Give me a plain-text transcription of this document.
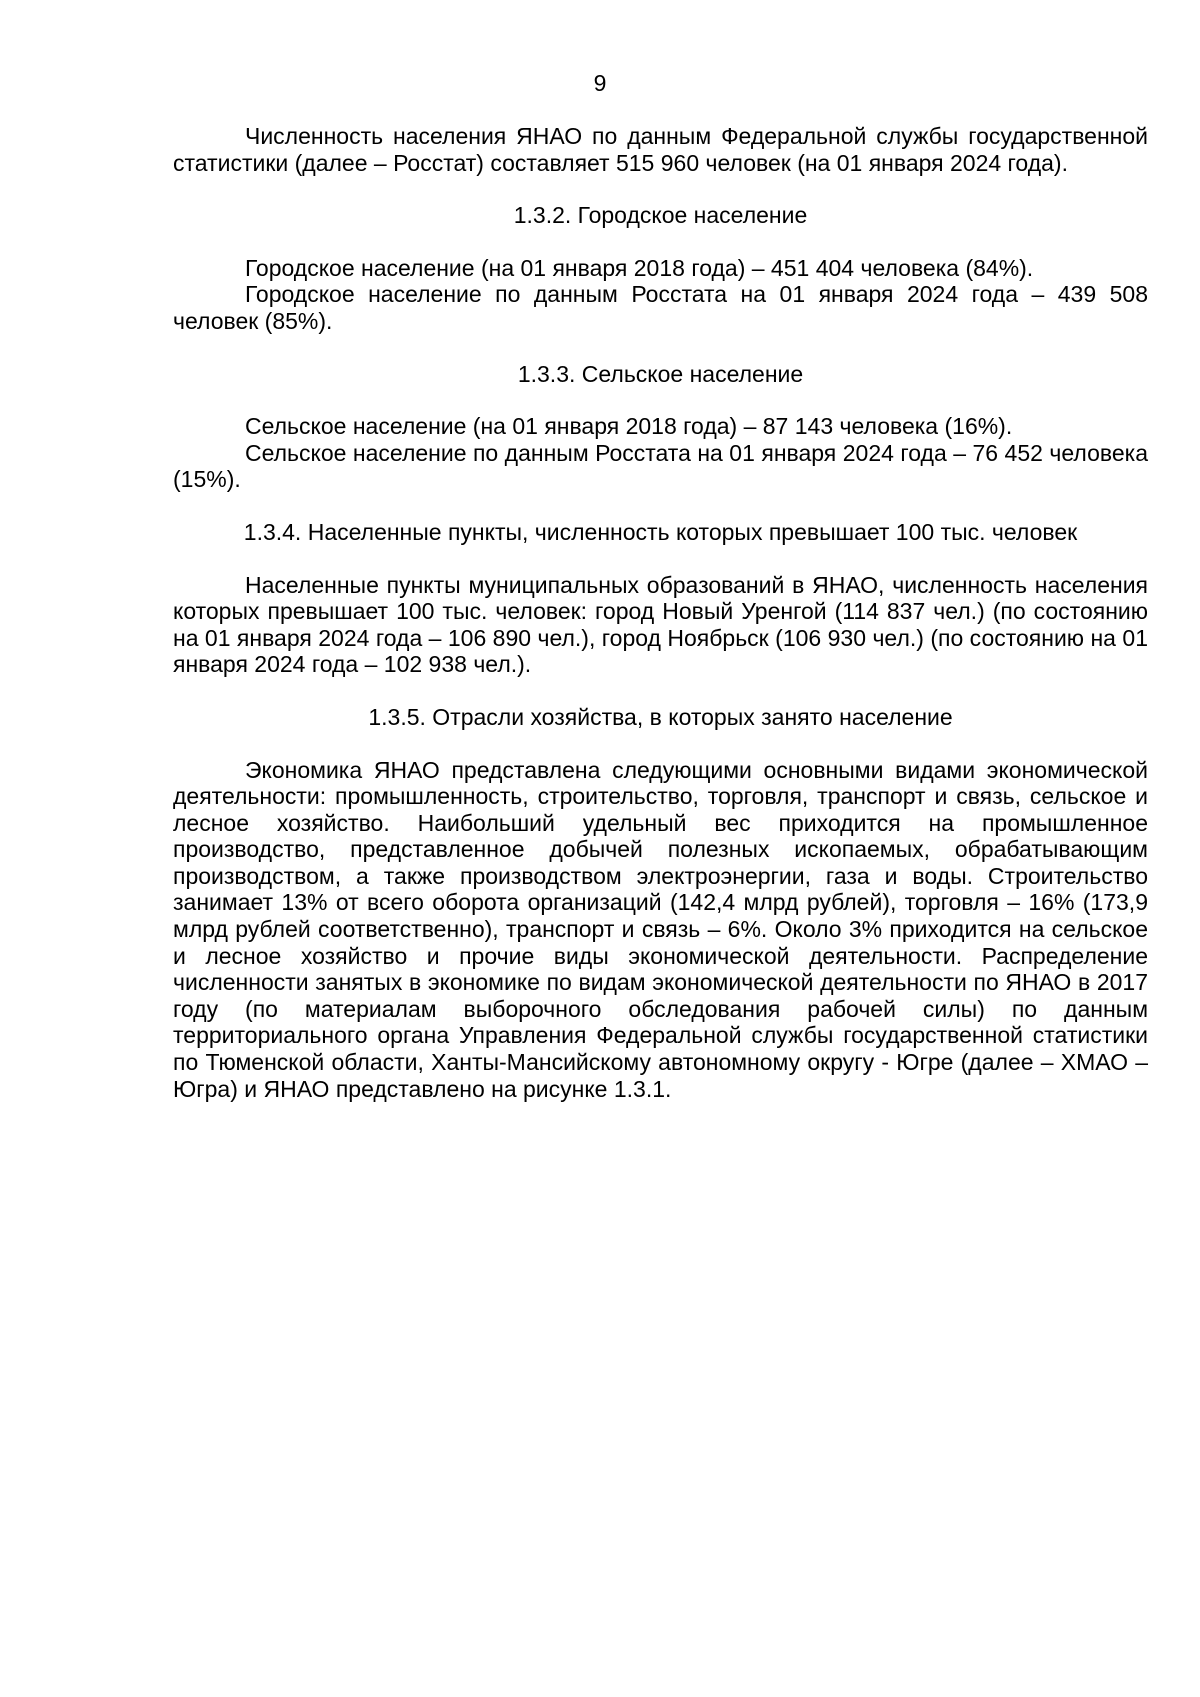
9

Численность населения ЯНАО по данным Федеральной службы государственной статистики (далее – Росстат) составляет 515 960 человек (на 01 января 2024 года).

1.3.2. Городское население

Городское население (на 01 января 2018 года) – 451 404 человека (84%).

Городское население по данным Росстата на 01 января 2024 года – 439 508 человек (85%).

1.3.3. Сельское население

Сельское население (на 01 января 2018 года) – 87 143 человека (16%).

Сельское население по данным Росстата на 01 января 2024 года – 76 452 человека (15%).

1.3.4. Населенные пункты, численность которых превышает 100 тыс. человек

Населенные пункты муниципальных образований в ЯНАО, численность населения которых превышает 100 тыс. человек: город Новый Уренгой (114 837 чел.) (по состоянию на 01 января 2024 года – 106 890 чел.), город Ноябрьск (106 930 чел.) (по состоянию на 01 января 2024 года – 102 938 чел.).

1.3.5. Отрасли хозяйства, в которых занято население

Экономика ЯНАО представлена следующими основными видами экономической деятельности: промышленность, строительство, торговля, транспорт и связь, сельское и лесное хозяйство. Наибольший удельный вес приходится на промышленное производство, представленное добычей полезных ископаемых, обрабатывающим производством, а также производством электроэнергии, газа и воды. Строительство занимает 13% от всего оборота организаций (142,4 млрд рублей), торговля – 16% (173,9 млрд рублей соответственно), транспорт и связь – 6%. Около 3% приходится на сельское и лесное хозяйство и прочие виды экономической деятельности. Распределение численности занятых в экономике по видам экономической деятельности по ЯНАО в 2017 году (по материалам выборочного обследования рабочей силы) по данным территориального органа Управления Федеральной службы государственной статистики по Тюменской области, Ханты-Мансийскому автономному округу - Югре (далее – ХМАО – Югра) и ЯНАО представлено на рисунке 1.3.1.
